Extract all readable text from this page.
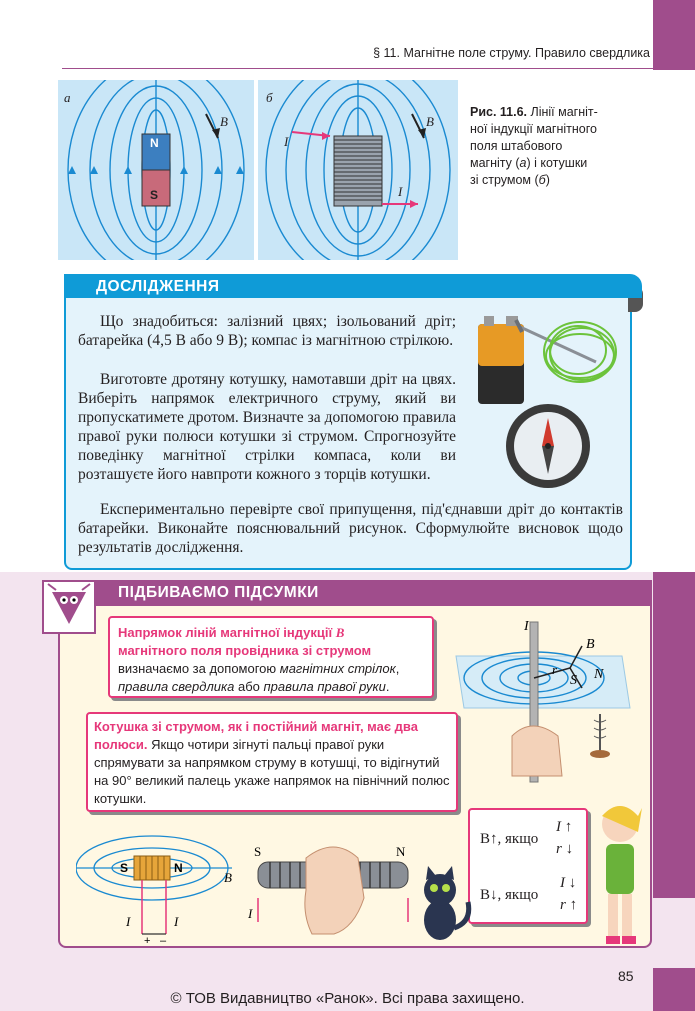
§ 11. Магнітне поле струму. Правило свердлика
а
N
S
B
б
I
I
B
Рис. 11.6. Лінії магніт-
ної індукції магнітного
поля штабового
магніту (а) і котушки
зі струмом (б)
ДОСЛІДЖЕННЯ
Що знадобиться: залізний цвях; ізольований дріт; батарейка (4,5 В або 9 В); компас із магнітною стрілкою.
Виготовте дротяну котушку, намотавши дріт на цвях. Виберіть напрямок електричного струму, який ви пропускатимете дротом. Визначте за допомогою правила правої руки полюси котушки зі струмом. Спрогнозуйте поведінку магнітної стрілки компаса, коли ви розташуєте його навпроти кожного з торців котушки.
Експериментально перевірте свої припущення, під'єднавши дріт до контактів батарейки. Виконайте пояснювальний рисунок. Сформулюйте висновок щодо результатів дослідження.
ПІДБИВАЄМО ПІДСУМКИ
Напрямок ліній магнітної індукції B
магнітного поля провідника зі струмом
визначаємо за допомогою магнітних стрілок,
правила свердлика або правила правої руки.
I
B
r	N
S
Котушка зі струмом, як і постійний магніт, має два полюси. Якщо чотири зігнуті пальці правої руки спрямувати за напрямком струму в котушці, то відігнутий на 90° великий палець укаже напрямок на північний полюс котушки.
B↑, якщо
I ↑
r ↓
B↓, якщо
I ↓
r ↑
S	N
B
I	I
+ –
S	N
I
85
© ТОВ Видавництво «Ранок». Всі права захищено.
